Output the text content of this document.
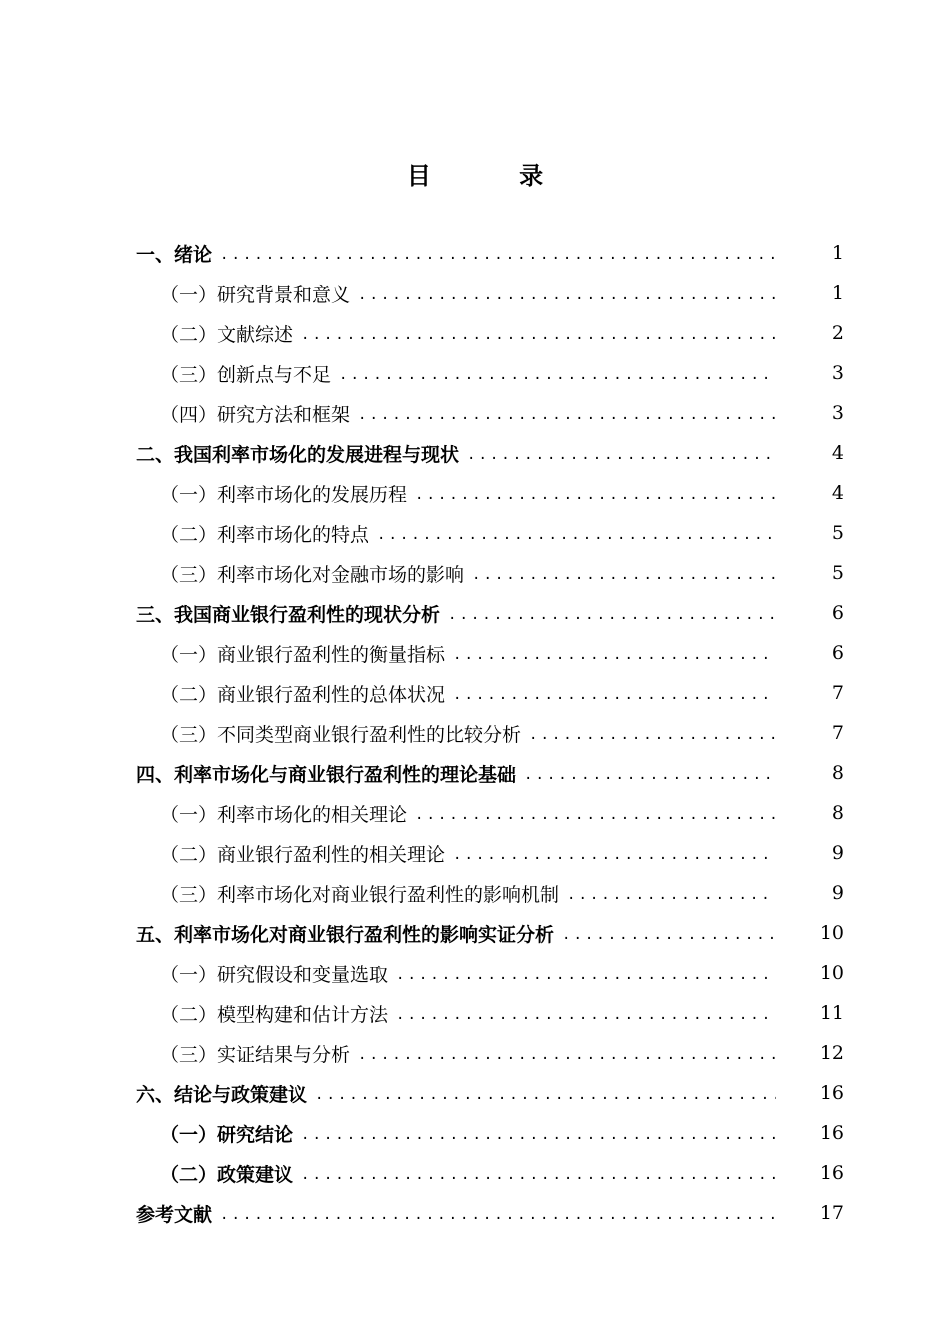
目 录
一、绪论 .....	1
（一）研究背景和意义 .....	1
（二）文献综述 .....	2
（三）创新点与不足 .....	3
（四）研究方法和框架 .....	3
二、我国利率市场化的发展进程与现状 .....	4
（一）利率市场化的发展历程 .....	4
（二）利率市场化的特点 .....	5
（三）利率市场化对金融市场的影响 .....	5
三、我国商业银行盈利性的现状分析 .....	6
（一）商业银行盈利性的衡量指标 .....	6
（二）商业银行盈利性的总体状况 .....	7
（三）不同类型商业银行盈利性的比较分析 .....	7
四、利率市场化与商业银行盈利性的理论基础 .....	8
（一）利率市场化的相关理论 .....	8
（二）商业银行盈利性的相关理论 .....	9
（三）利率市场化对商业银行盈利性的影响机制 .....	9
五、利率市场化对商业银行盈利性的影响实证分析 .....	10
（一）研究假设和变量选取 .....	10
（二）模型构建和估计方法 .....	11
（三）实证结果与分析 .....	12
六、结论与政策建议 .....	16
（一）研究结论 .....	16
（二）政策建议 .....	16
参考文献 .....	17
